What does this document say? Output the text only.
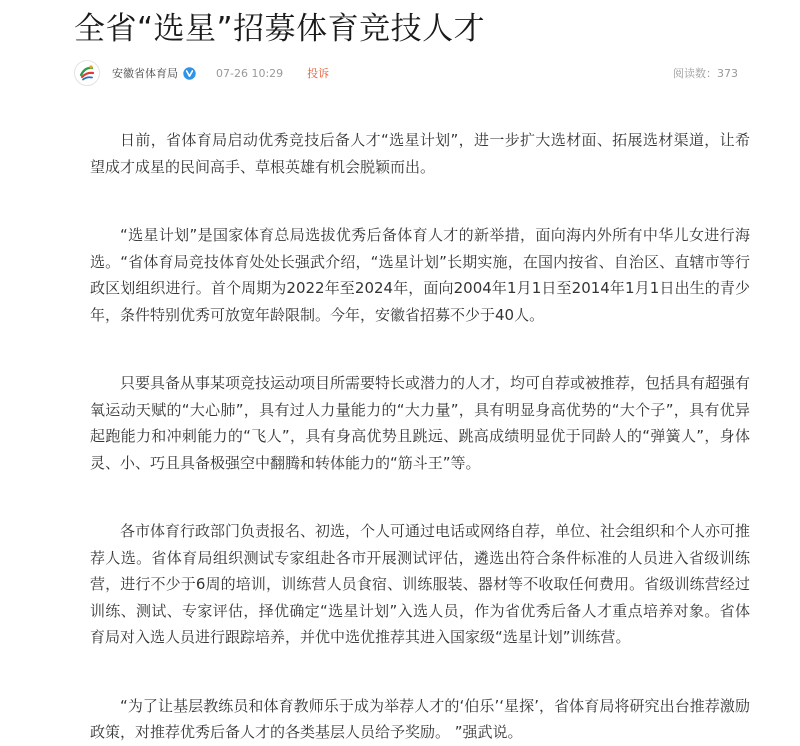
全省“选星”招募体育竞技人才
安徽省体育局	07-26 10:29 投诉	阅读数：373

日前，省体育局启动优秀竞技后备人才“选星计划”，进一步扩大选材面、拓展选材渠道，让希望成才成星的民间高手、草根英雄有机会脱颖而出。

“选星计划”是国家体育总局选拔优秀后备体育人才的新举措，面向海内外所有中华儿女进行海选。“省体育局竞技体育处处长强武介绍，“选星计划”长期实施，在国内按省、自治区、直辖市等行政区划组织进行。首个周期为2022年至2024年，面向2004年1月1日至2014年1月1日出生的青少年，条件特别优秀可放宽年龄限制。今年，安徽省招募不少于40人。

只要具备从事某项竞技运动项目所需要特长或潜力的人才，均可自荐或被推荐，包括具有超强有氧运动天赋的“大心肺”，具有过人力量能力的“大力量”，具有明显身高优势的“大个子”，具有优异起跑能力和冲刺能力的“飞人”，具有身高优势且跳远、跳高成绩明显优于同龄人的“弹簧人”，身体灵、小、巧且具备极强空中翻腾和转体能力的“筋斗王”等。

各市体育行政部门负责报名、初选，个人可通过电话或网络自荐，单位、社会组织和个人亦可推荐人选。省体育局组织测试专家组赴各市开展测试评估，遴选出符合条件标准的人员进入省级训练营，进行不少于6周的培训，训练营人员食宿、训练服装、器材等不收取任何费用。省级训练营经过训练、测试、专家评估，择优确定“选星计划”入选人员，作为省优秀后备人才重点培养对象。省体育局对入选人员进行跟踪培养，并优中选优推荐其进入国家级“选星计划”训练营。

“为了让基层教练员和体育教师乐于成为举荐人才的‘伯乐’‘星探’，省体育局将研究出台推荐激励政策，对推荐优秀后备人才的各类基层人员给予奖励。 ”强武说。
